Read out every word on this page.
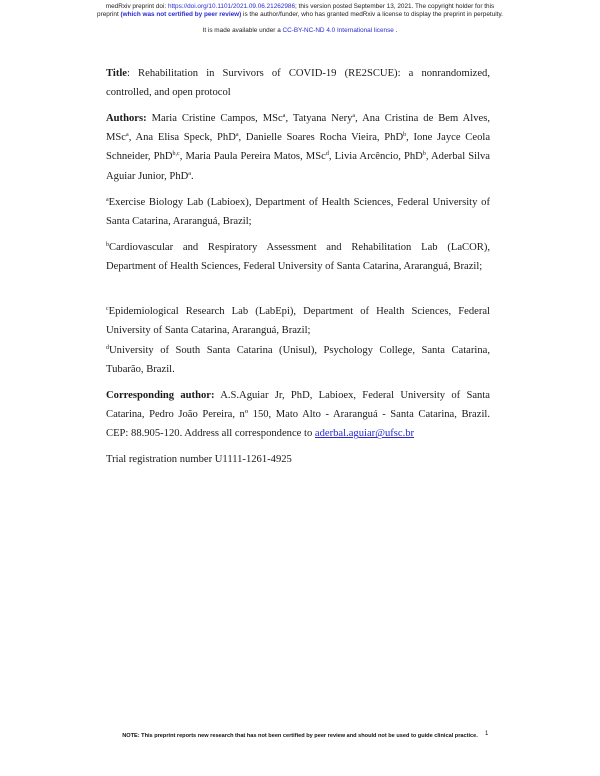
medRxiv preprint doi: https://doi.org/10.1101/2021.09.06.21262986; this version posted September 13, 2021. The copyright holder for this
preprint (which was not certified by peer review) is the author/funder, who has granted medRxiv a license to display the preprint in perpetuity.
It is made available under a CC-BY-NC-ND 4.0 International license .

Title: Rehabilitation in Survivors of COVID-19 (RE2SCUE): a nonrandomized, controlled, and open protocol

Authors: Maria Cristine Campos, MSc$^a$, Tatyana Nery$^a$, Ana Cristina de Bem Alves, MSc$^a$, Ana Elisa Speck, PhD$^a$, Danielle Soares Rocha Vieira, PhD$^b$, Ione Jayce Ceola Schneider, PhD$^{b,c}$, Maria Paula Pereira Matos, MSc$^d$, Livia Arcêncio, PhD$^b$, Aderbal Silva Aguiar Junior, PhD$^a$.

$^a$Exercise Biology Lab (Labioex), Department of Health Sciences, Federal University of Santa Catarina, Araranguá, Brazil;

$^b$Cardiovascular and Respiratory Assessment and Rehabilitation Lab (LaCOR), Department of Health Sciences, Federal University of Santa Catarina, Araranguá, Brazil;

$^c$Epidemiological Research Lab (LabEpi), Department of Health Sciences, Federal University of Santa Catarina, Araranguá, Brazil;

$^d$University of South Santa Catarina (Unisul), Psychology College, Santa Catarina, Tubarão, Brazil.

Corresponding author: A.S.Aguiar Jr, PhD, Labioex, Federal University of Santa Catarina, Pedro João Pereira, nº 150, Mato Alto - Araranguá - Santa Catarina, Brazil. CEP: 88.905-120. Address all correspondence to aderbal.aguiar@ufsc.br

Trial registration number U1111-1261-4925

NOTE: This preprint reports new research that has not been certified by peer review and should not be used to guide clinical practice.	1
